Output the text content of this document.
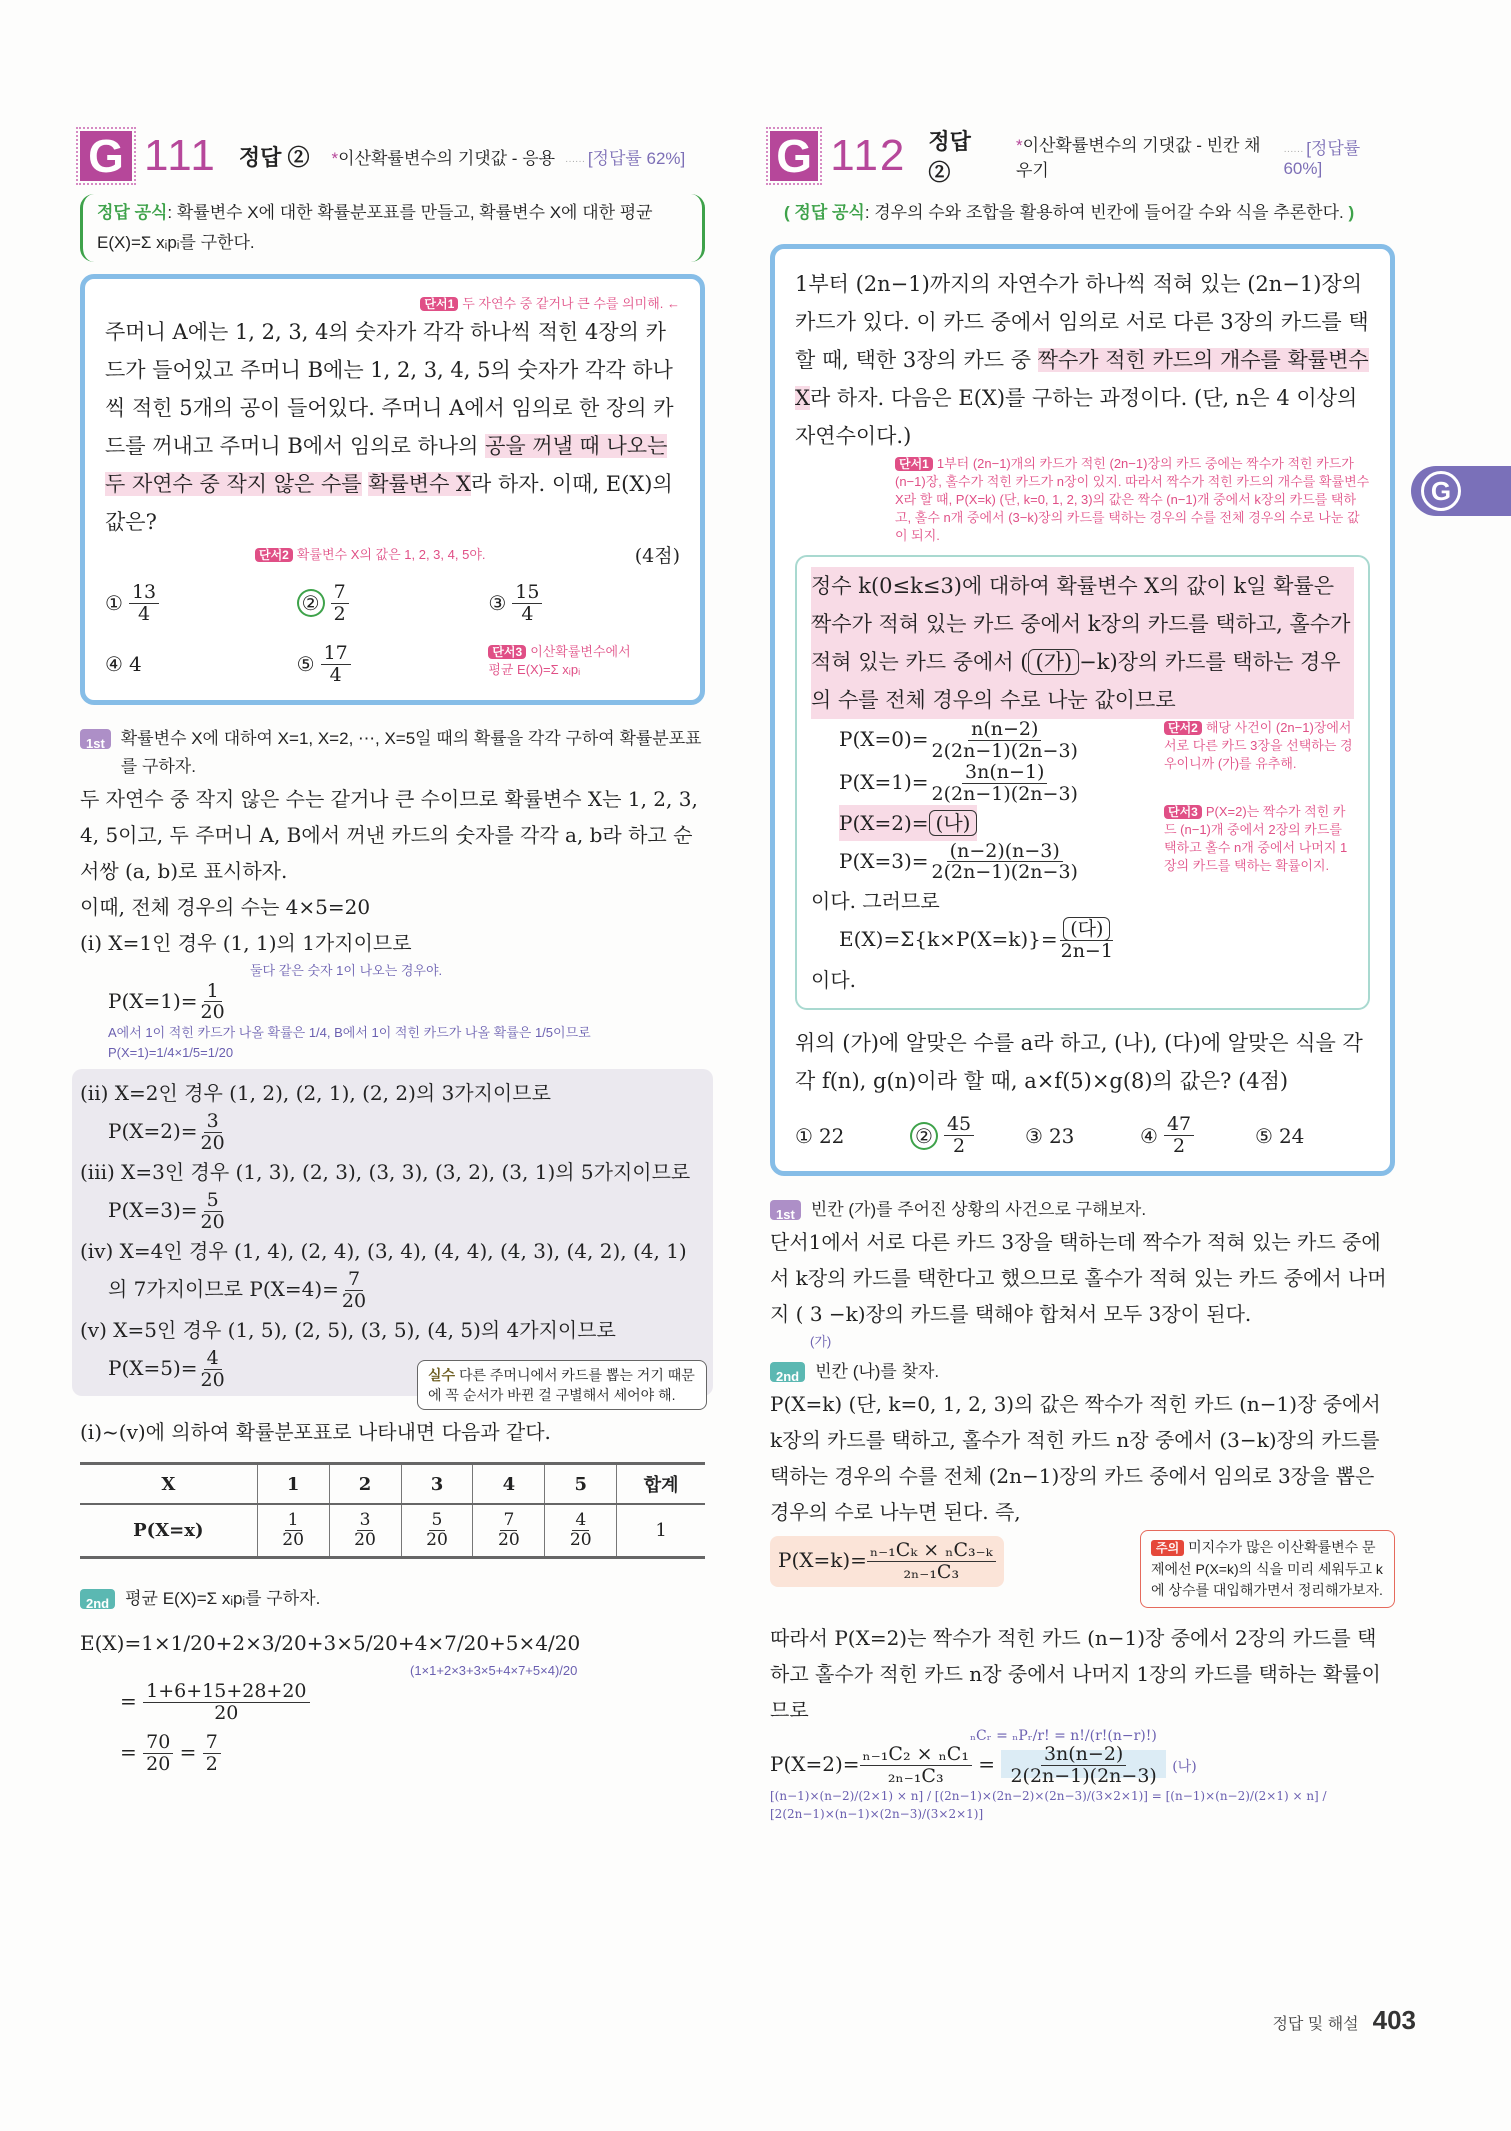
G 111 정답 ② *이산확률변수의 기댓값 - 응용	······ [정답률 62%]
정답 공식: 확률변수 X에 대한 확률분포표를 만들고, 확률변수 X에 대한 평균 E(X)=Σ xᵢpᵢ를 구한다.
단서1 두 자연수 중 같거나 큰 수를 의미해. ←
주머니 A에는 1, 2, 3, 4의 숫자가 각각 하나씩 적힌 4장의 카드가 들어있고 주머니 B에는 1, 2, 3, 4, 5의 숫자가 각각 하나씩 적힌 5개의 공이 들어있다. 주머니 A에서 임의로 한 장의 카드를 꺼내고 주머니 B에서 임의로 하나의 공을 꺼낼 때 나오는 두 자연수 중 작지 않은 수를 확률변수 X라 하자. 이때, E(X)의 값은?
단서2 확률변수 X의 값은 1, 2, 3, 4, 5야.	(4점)
① $\frac{13}{4}$	② $\frac{7}{2}$	③ $\frac{15}{4}$
④ 4	⑤ $\frac{17}{4}$	단서3 이산확률변수에서
평균 E(X)=Σ xᵢpᵢ
1st 확률변수 X에 대하여 X=1, X=2, ⋯, X=5일 때의 확률을 각각 구하여 확률분포표를 구하자.
두 자연수 중 작지 않은 수는 같거나 큰 수이므로 확률변수 X는 1, 2, 3, 4, 5이고, 두 주머니 A, B에서 꺼낸 카드의 숫자를 각각 a, b라 하고 순서쌍 (a, b)로 표시하자.
이때, 전체 경우의 수는 4×5=20
(i) X=1인 경우 (1, 1)의 1가지이므로
둘다 같은 숫자 1이 나오는 경우야.
$P(X=1)= \frac{1}{20}$
A에서 1이 적힌 카드가 나올 확률은 1/4, B에서 1이 적힌 카드가 나올 확률은 1/5이므로 P(X=1)=1/4×1/5=1/20
(ii) X=2인 경우 (1, 2), (2, 1), (2, 2)의 3가지이므로
$P(X=2)= \frac{3}{20}$
(iii) X=3인 경우 (1, 3), (2, 3), (3, 3), (3, 2), (3, 1)의 5가지이므로
$P(X=3)= \frac{5}{20}$
(iv) X=4인 경우 (1, 4), (2, 4), (3, 4), (4, 4), (4, 3), (4, 2), (4, 1)
의 7가지이므로 $P(X=4)= \frac{7}{20}$
(v) X=5인 경우 (1, 5), (2, 5), (3, 5), (4, 5)의 4가지이므로
$P(X=5)= \frac{4}{20}$	실수 다른 주머니에서 카드를 뽑는 거기 때문에 꼭 순서가 바뀐 걸 구별해서 세어야 해.
(i)~(v)에 의하여 확률분포표로 나타내면 다음과 같다.
X	1	2	3	4	5	합계
P(X=x)	$\frac{1}{20}$	$\frac{3}{20}$	$\frac{5}{20}$	$\frac{7}{20}$	$\frac{4}{20}$	1
2nd 평균 E(X)=Σ xᵢpᵢ를 구하자.
E(X)=1×1/20+2×3/20+3×5/20+4×7/20+5×4/20
(1×1+2×3+3×5+4×7+5×4)/20
= $\frac{1+6+15+28+20}{20}$
= $\frac{70}{20} = \frac{7}{2}$
G 112 정답 ②
*이산확률변수의 기댓값 - 빈칸 채우기
······ [정답률 60%]
( 정답 공식: 경우의 수와 조합을 활용하여 빈칸에 들어갈 수와 식을 추론한다. )
1부터 (2n−1)까지의 자연수가 하나씩 적혀 있는 (2n−1)장의 카드가 있다. 이 카드 중에서 임의로 서로 다른 3장의 카드를 택할 때, 택한 3장의 카드 중 짝수가 적힌 카드의 개수를 확률변수 X라 하자. 다음은 E(X)를 구하는 과정이다. (단, n은 4 이상의 자연수이다.)
단서1 1부터 (2n−1)개의 카드가 적힌 (2n−1)장의 카드 중에는 짝수가 적힌 카드가 (n−1)장, 홀수가 적힌 카드가 n장이 있지. 따라서 짝수가 적힌 카드의 개수를 확률변수 X라 할 때, P(X=k) (단, k=0, 1, 2, 3)의 값은 짝수 (n−1)개 중에서 k장의 카드를 택하고, 홀수 n개 중에서 (3−k)장의 카드를 택하는 경우의 수를 전체 경우의 수로 나눈 값이 되지.
정수 k(0≤k≤3)에 대하여 확률변수 X의 값이 k일 확률은 짝수가 적혀 있는 카드 중에서 k장의 카드를 택하고, 홀수가 적혀 있는 카드 중에서 ( (가) −k)장의 카드를 택하는 경우의 수를 전체 경우의 수로 나눈 값이므로
$P(X=0)= \frac{n(n-2)}{2(2n-1)(2n-3)}$
$P(X=1)= \frac{3n(n-1)}{2(2n-1)(2n-3)}$
P(X=2)= (나)
$P(X=3)= \frac{(n-2)(n-3)}{2(2n-1)(2n-3)}$
단서2 해당 사건이 (2n−1)장에서 서로 다른 카드 3장을 선택하는 경우이니까 (가)를 유추해.
단서3 P(X=2)는 짝수가 적힌 카드 (n−1)개 중에서 2장의 카드를 택하고 홀수 n개 중에서 나머지 1장의 카드를 택하는 확률이지.
이다. 그러므로
$E(X)=\Sigma\{k\times P(X=k)\}= \frac{\text{(다)}}{2n-1}$
이다.
위의 (가)에 알맞은 수를 a라 하고, (나), (다)에 알맞은 식을 각각 f(n), g(n)이라 할 때, a×f(5)×g(8)의 값은? (4점)
① 22	② $\frac{45}{2}$	③ 23	④ $\frac{47}{2}$	⑤ 24
1st 빈칸 (가)를 주어진 상황의 사건으로 구해보자.
단서1에서 서로 다른 카드 3장을 택하는데 짝수가 적혀 있는 카드 중에서 k장의 카드를 택한다고 했으므로 홀수가 적혀 있는 카드 중에서 나머지 ( 3 −k)장의 카드를 택해야 합쳐서 모두 3장이 된다.
(가)
2nd 빈칸 (나)를 찾자.
P(X=k) (단, k=0, 1, 2, 3)의 값은 짝수가 적힌 카드 (n−1)장 중에서 k장의 카드를 택하고, 홀수가 적힌 카드 n장 중에서 (3−k)장의 카드를 택하는 경우의 수를 전체 (2n−1)장의 카드 중에서 임의로 3장을 뽑은 경우의 수로 나누면 된다. 즉,
$P(X=k)= \frac{\text{ₙ₋₁Cₖ × ₙC₃₋ₖ}}{\text{₂ₙ₋₁C₃}}$	주의 미지수가 많은 이산확률변수 문제에선 P(X=k)의 식을 미리 세워두고 k에 상수를 대입해가면서 정리해가보자.
따라서 P(X=2)는 짝수가 적힌 카드 (n−1)장 중에서 2장의 카드를 택하고 홀수가 적힌 카드 n장 중에서 나머지 1장의 카드를 택하는 확률이므로
ₙCᵣ = ₙPᵣ/r! = n!/(r!(n−r)!)
$P(X=2)= \frac{\text{ₙ₋₁C₂ × ₙC₁}}{\text{₂ₙ₋₁C₃}} = \frac{3n(n-2)}{2(2n-1)(2n-3)}$ (나)
[(n−1)×(n−2)/(2×1) × n] / [(2n−1)×(2n−2)×(2n−3)/(3×2×1)] = [(n−1)×(n−2)/(2×1) × n] / [2(2n−1)×(n−1)×(2n−3)/(3×2×1)]
G
정답 및 해설 403
